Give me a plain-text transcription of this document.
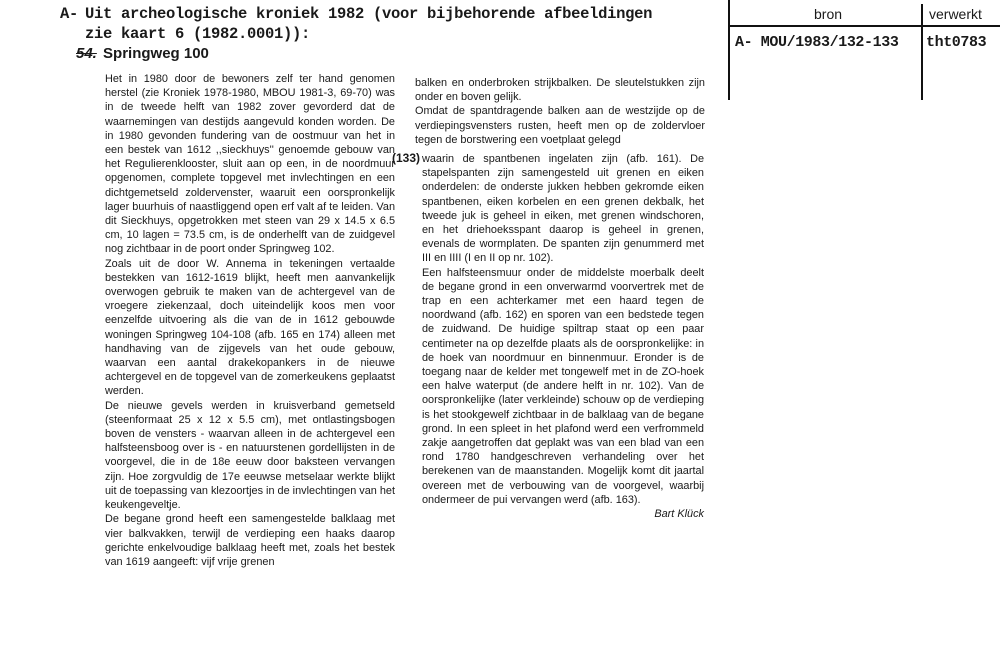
A- Uit archeologische kroniek 1982 (voor bijbehorende afbeeldingen
zie kaart 6 (1982.0001)):
54. Springweg 100

Het in 1980 door de bewoners zelf ter hand genomen herstel (zie Kroniek 1978-1980, MBOU 1981-3, 69-70) was in de tweede helft van 1982 zover gevorderd dat de waarnemingen van destijds aangevuld konden worden. De in 1980 gevonden fundering van de oostmuur van het in een bestek van 1612 ,,sieckhuys'' genoemde gebouw van het Regulierenklooster, sluit aan op een, in de noordmuur opgenomen, complete topgevel met invlechtingen en een dichtgemetseld zoldervenster, waaruit een oorspronkelijk lager buurhuis of naastliggend open erf valt af te leiden. Van dit Sieckhuys, opgetrokken met steen van 29 x 14.5 x 6.5 cm, 10 lagen = 73.5 cm, is de onderhelft van de zuidgevel nog zichtbaar in de poort onder Springweg 102.

Zoals uit de door W. Annema in tekeningen vertaalde bestekken van 1612-1619 blijkt, heeft men aanvankelijk overwogen gebruik te maken van de achtergevel van de vroegere ziekenzaal, doch uiteindelijk koos men voor eenzelfde uitvoering als die van de in 1612 gebouwde woningen Springweg 104-108 (afb. 165 en 174) alleen met handhaving van de zijgevels van het oude gebouw, waarvan een aantal drakekopankers in de nieuwe achtergevel en de topgevel van de zomerkeukens geplaatst werden.

De nieuwe gevels werden in kruisverband gemetseld (steenformaat 25 x 12 x 5.5 cm), met ontlastingsbogen boven de vensters - waarvan alleen in de achtergevel een halfsteensboog over is - en natuurstenen gordellijsten in de voorgevel, die in de 18e eeuw door baksteen vervangen zijn. Hoe zorgvuldig de 17e eeuwse metselaar werkte blijkt uit de toepassing van klezoortjes in de invlechtingen van het keukengeveltje.

De begane grond heeft een samengestelde balklaag met vier balkvakken, terwijl de verdieping een haaks daarop gerichte enkelvoudige balklaag heeft met, zoals het bestek van 1619 aangeeft: vijf vrije grenen

balken en onderbroken strijkbalken. De sleutelstukken zijn onder en boven gelijk.

Omdat de spantdragende balken aan de westzijde op de verdiepingsvensters rusten, heeft men op de zoldervloer tegen de borstwering een voetplaat gelegd

(133) waarin de spantbenen ingelaten zijn (afb. 161). De stapelspanten zijn samengesteld uit grenen en eiken onderdelen: de onderste jukken hebben gekromde eiken spantbenen, eiken korbelen en een grenen dekbalk, het tweede juk is geheel in eiken, met grenen windschoren, en het driehoeksspant daarop is geheel in grenen, evenals de wormplaten. De spanten zijn genummerd met III en IIII (I en II op nr. 102).

Een halfsteensmuur onder de middelste moerbalk deelt de begane grond in een onverwarmd voorvertrek met de trap en een achterkamer met een haard tegen de noordwand (afb. 162) en sporen van een bedstede tegen de zuidwand. De huidige spiltrap staat op een paar centimeter na op dezelfde plaats als de oorspronkelijke: in de hoek van noordmuur en binnenmuur. Eronder is de toegang naar de kelder met tongewelf met in de ZO-hoek een halve waterput (de andere helft in nr. 102). Van de oorspronkelijke (later verkleinde) schouw op de verdieping is het stookgewelf zichtbaar in de balklaag van de begane grond. In een spleet in het plafond werd een verfrommeld zakje aangetroffen dat geplakt was van een blad van een rond 1780 handgeschreven verhandeling over het berekenen van de maanstanden. Mogelijk komt dit jaartal overeen met de verbouwing van de voorgevel, waarbij ondermeer de pui vervangen werd (afb. 163).

Bart Klück

bron	verwerkt
A- MOU/1983/132-133 tht0783
